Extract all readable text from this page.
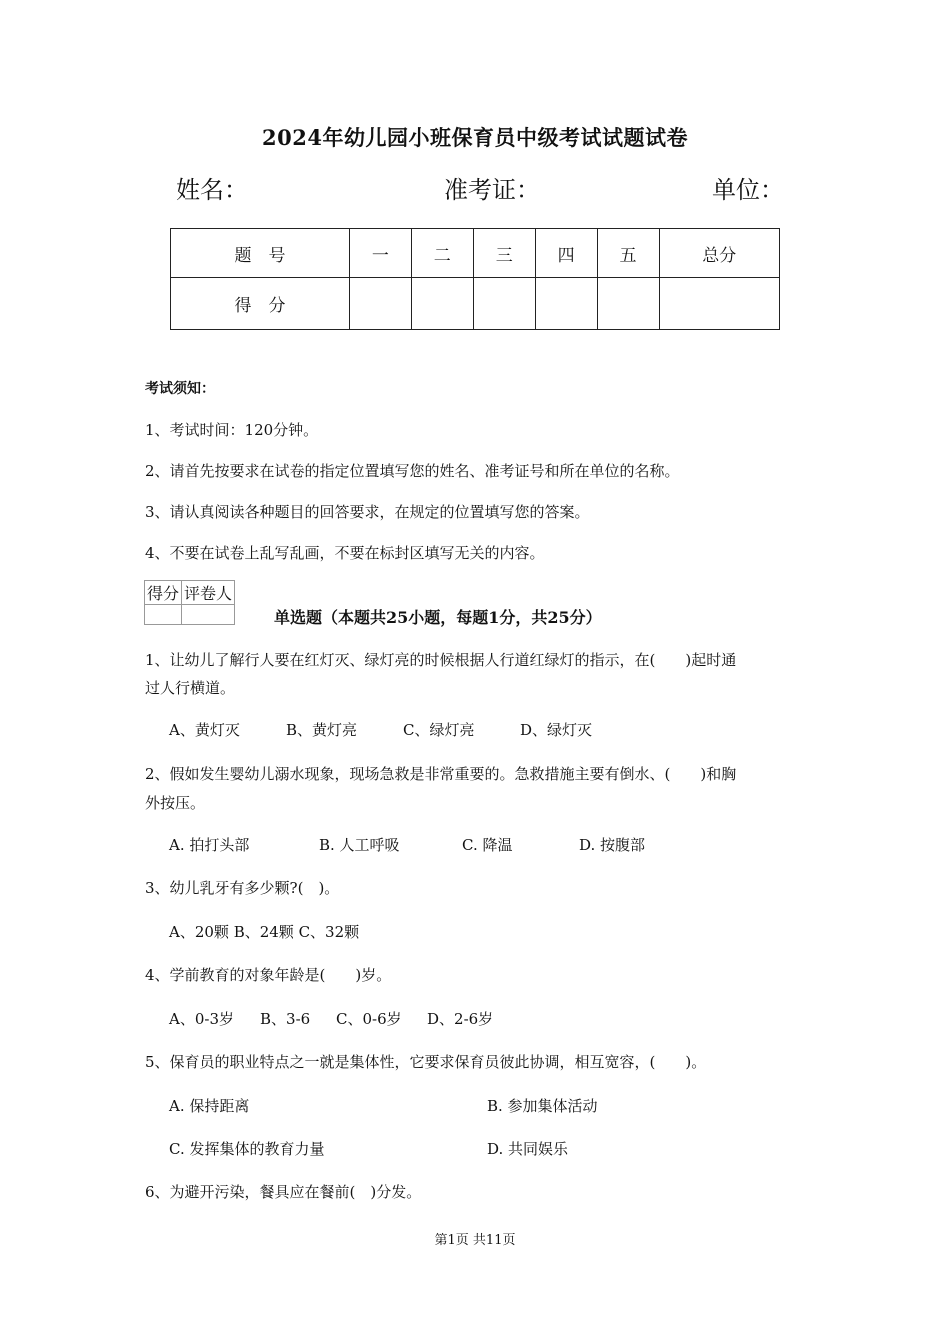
2024年幼儿园小班保育员中级考试试题试卷
姓名：	准考证：	单位：
题　号	一	二	三	四	五	总分
得　分						
考试须知：
1、考试时间：120分钟。
2、请首先按要求在试卷的指定位置填写您的姓名、准考证号和所在单位的名称。
3、请认真阅读各种题目的回答要求，在规定的位置填写您的答案。
4、不要在试卷上乱写乱画，不要在标封区填写无关的内容。
得分	评卷人

单选题（本题共25小题，每题1分，共25分）
1、让幼儿了解行人要在红灯灭、绿灯亮的时候根据人行道红绿灯的指示，在(　　)起时通
过人行横道。
A、黄灯灭	B、黄灯亮	C、绿灯亮	D、绿灯灭
2、假如发生婴幼儿溺水现象，现场急救是非常重要的。急救措施主要有倒水、(　　)和胸
外按压。
A. 拍打头部	B. 人工呼吸	C. 降温	D. 按腹部
3、幼儿乳牙有多少颗?(　)。
A、20颗 B、24颗 C、32颗
4、学前教育的对象年龄是(　　)岁。
A、0-3岁 B、3-6 C、0-6岁 D、2-6岁
5、保育员的职业特点之一就是集体性，它要求保育员彼此协调，相互宽容，(　　)。
A. 保持距离	B. 参加集体活动
C. 发挥集体的教育力量	D. 共同娱乐
6、为避开污染，餐具应在餐前(　)分发。
第1页 共11页
